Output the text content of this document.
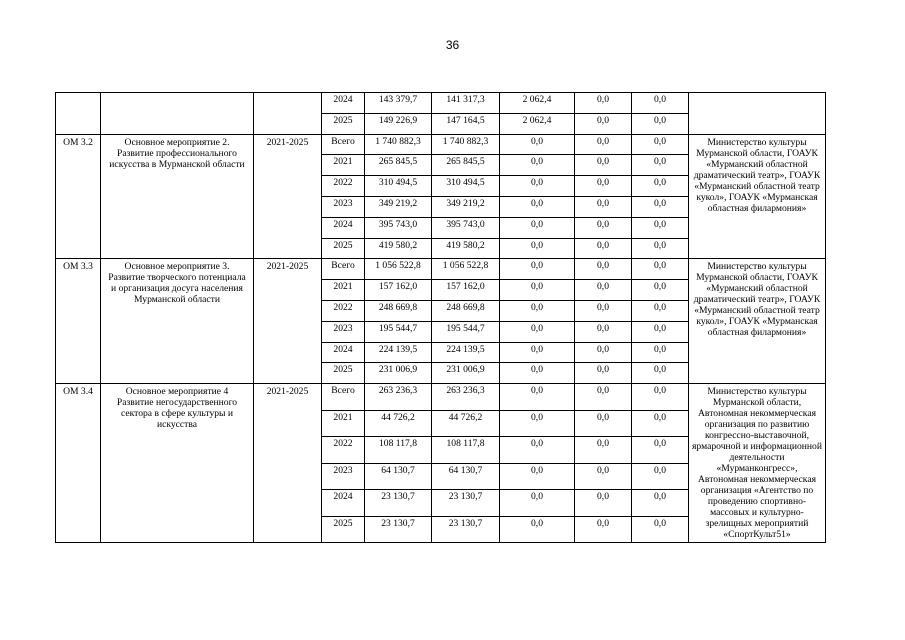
36
			2024	143 379,7	141 317,3	2 062,4	0,0	0,0	
			2025	149 226,9	147 164,5	2 062,4	0,0	0,0	
ОМ 3.2	Основное мероприятие 2. Развитие профессионального искусства в Мурманской области	2021-2025	Всего	1 740 882,3	1 740 882,3	0,0	0,0	0,0	Министерство культуры Мурманской области, ГОАУК «Мурманский областной драматический театр», ГОАУК «Мурманский областной театр кукол», ГОАУК «Мурманская областная филармония»
			2021	265 845,5	265 845,5	0,0	0,0	0,0	
			2022	310 494,5	310 494,5	0,0	0,0	0,0	
			2023	349 219,2	349 219,2	0,0	0,0	0,0	
			2024	395 743,0	395 743,0	0,0	0,0	0,0	
			2025	419 580,2	419 580,2	0,0	0,0	0,0	
ОМ 3.3	Основное мероприятие 3. Развитие творческого потенциала и организация досуга населения Мурманской области	2021-2025	Всего	1 056 522,8	1 056 522,8	0,0	0,0	0,0	Министерство культуры Мурманской области, ГОАУК «Мурманский областной драматический театр», ГОАУК «Мурманский областной театр кукол», ГОАУК «Мурманская областная филармония»
			2021	157 162,0	157 162,0	0,0	0,0	0,0	
			2022	248 669,8	248 669,8	0,0	0,0	0,0	
			2023	195 544,7	195 544,7	0,0	0,0	0,0	
			2024	224 139,5	224 139,5	0,0	0,0	0,0	
			2025	231 006,9	231 006,9	0,0	0,0	0,0	
ОМ 3.4	Основное мероприятие 4 Развитие негосударственного сектора в сфере культуры и искусства	2021-2025	Всего	263 236,3	263 236,3	0,0	0,0	0,0	Министерство культуры Мурманской области, Автономная некоммерческая организация по развитию конгрессно-выставочной, ярмарочной и информационной деятельности «Мурманконгресс», Автономная некоммерческая организация «Агентство по проведению спортивно-массовых и культурно-зрелищных мероприятий «СпортКульт51»
			2021	44 726,2	44 726,2	0,0	0,0	0,0	
			2022	108 117,8	108 117,8	0,0	0,0	0,0	
			2023	64 130,7	64 130,7	0,0	0,0	0,0	
			2024	23 130,7	23 130,7	0,0	0,0	0,0	
			2025	23 130,7	23 130,7	0,0	0,0	0,0	
